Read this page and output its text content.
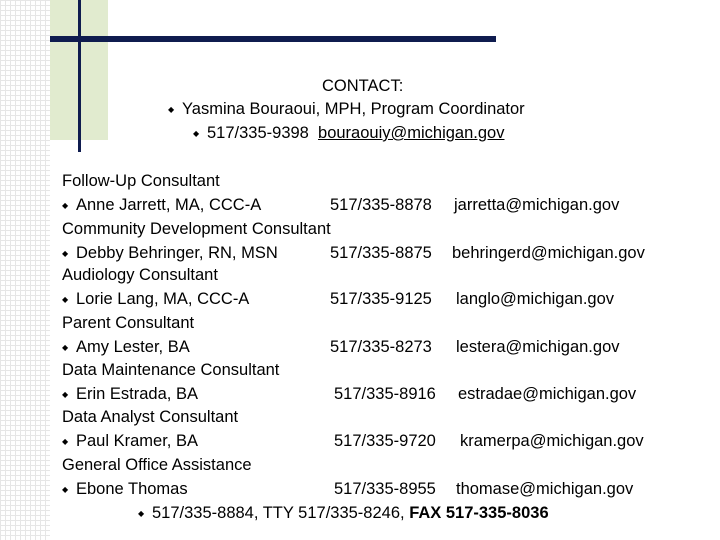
CONTACT:
◆ Yasmina Bouraoui, MPH, Program Coordinator
◆ 517/335-9398 bouraouiy@michigan.gov
Follow-Up Consultant
◆ Anne Jarrett, MA, CCC-A	517/335-8878 jarretta@michigan.gov
Community Development Consultant
◆ Debby Behringer, RN, MSN	517/335-8875 behringerd@michigan.gov
Audiology Consultant
◆ Lorie Lang, MA, CCC-A	517/335-9125 langlo@michigan.gov
Parent Consultant
◆ Amy Lester, BA	517/335-8273 lestera@michigan.gov
Data Maintenance Consultant
◆ Erin Estrada, BA	517/335-8916 estradae@michigan.gov
Data Analyst Consultant
◆ Paul Kramer, BA	517/335-9720 kramerpa@michigan.gov
General Office Assistance
◆ Ebone Thomas	517/335-8955 thomase@michigan.gov
◆ 517/335-8884, TTY 517/335-8246, FAX 517-335-8036
